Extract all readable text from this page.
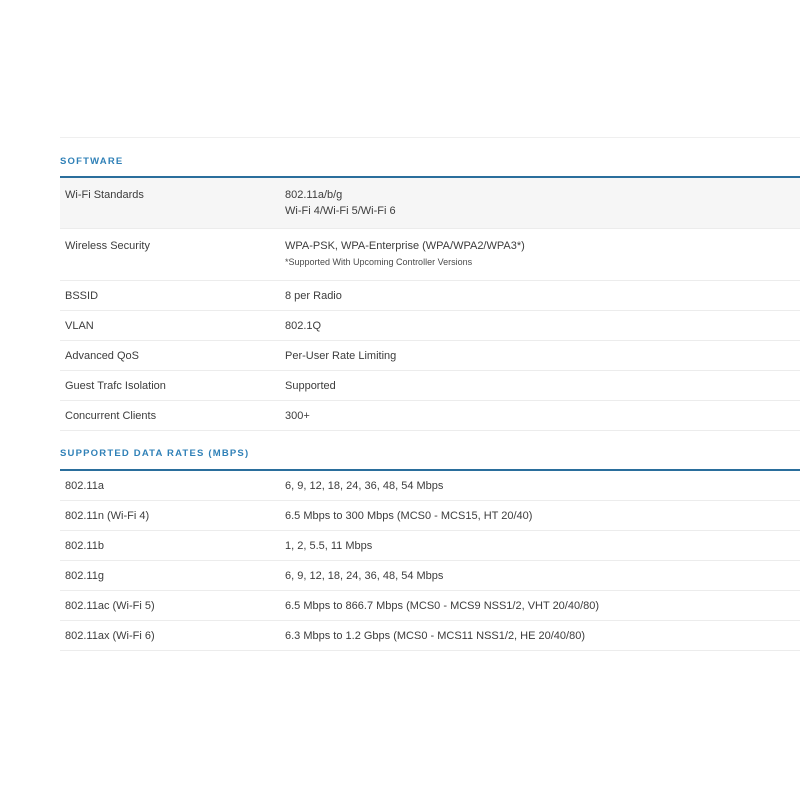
SOFTWARE
Wi-Fi Standards	802.11a/b/g
Wi-Fi 4/Wi-Fi 5/Wi-Fi 6
Wireless Security	WPA-PSK, WPA-Enterprise (WPA/WPA2/WPA3*)
*Supported With Upcoming Controller Versions
BSSID	8 per Radio
VLAN	802.1Q
Advanced QoS	Per-User Rate Limiting
Guest Trafc Isolation	Supported
Concurrent Clients	300+
SUPPORTED DATA RATES (MBPS)
802.11a	6, 9, 12, 18, 24, 36, 48, 54 Mbps
802.11n (Wi-Fi 4)	6.5 Mbps to 300 Mbps (MCS0 - MCS15, HT 20/40)
802.11b	1, 2, 5.5, 11 Mbps
802.11g	6, 9, 12, 18, 24, 36, 48, 54 Mbps
802.11ac (Wi-Fi 5)	6.5 Mbps to 866.7 Mbps (MCS0 - MCS9 NSS1/2, VHT 20/40/80)
802.11ax (Wi-Fi 6)	6.3 Mbps to 1.2 Gbps (MCS0 - MCS11 NSS1/2, HE 20/40/80)
